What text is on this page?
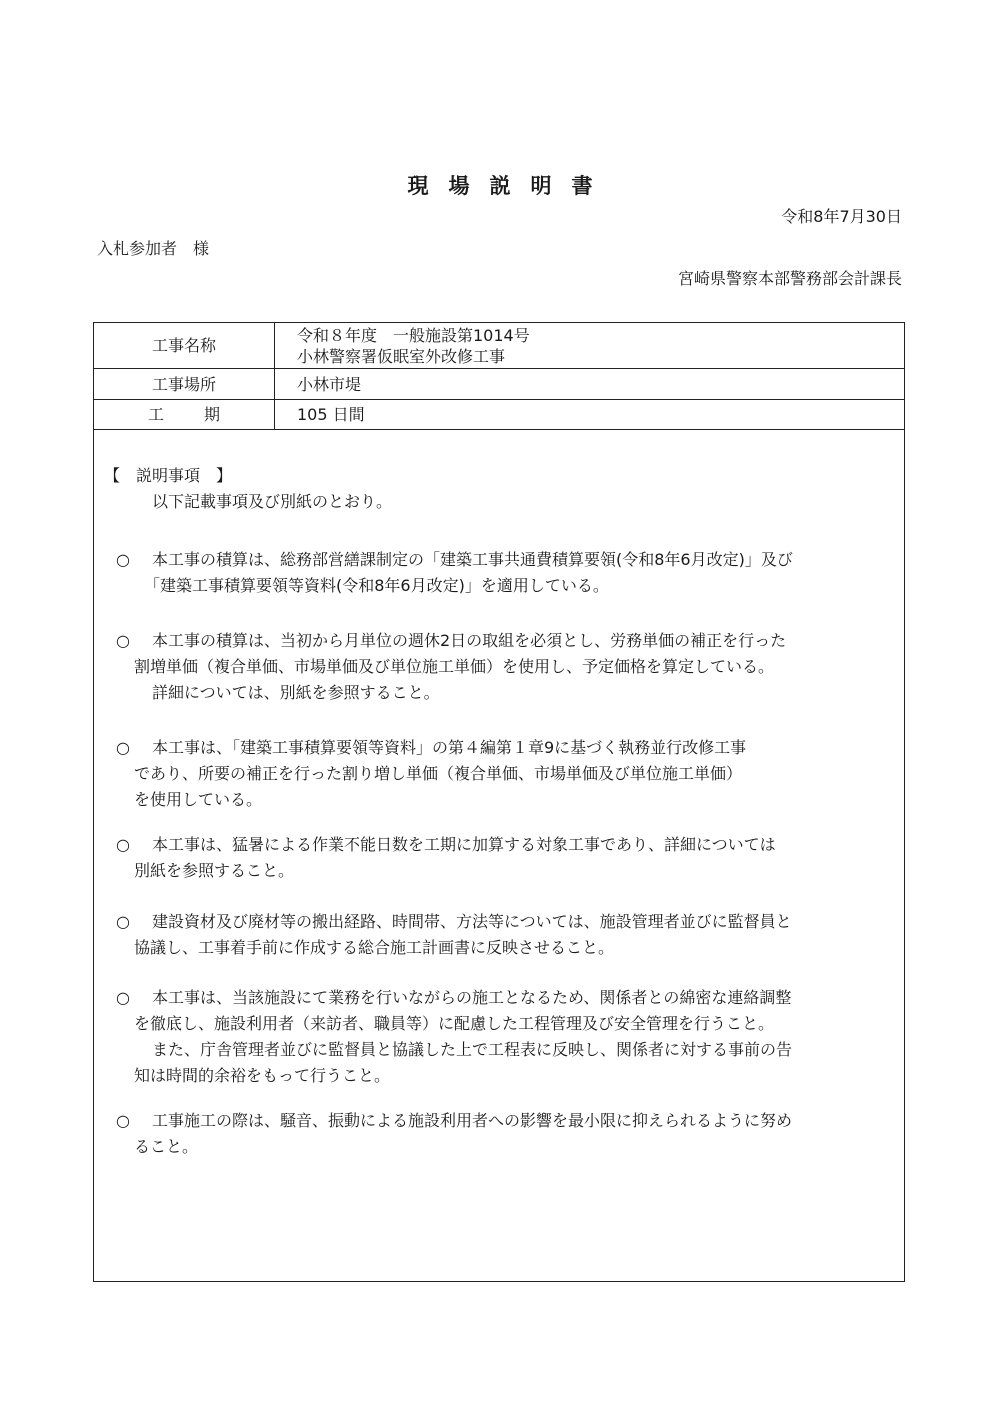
現場説明書
令和8年7月30日
入札参加者　様
宮崎県警察本部警務部会計課長
工事名称	令和８年度　一般施設第1014号
小林警察署仮眠室外改修工事

工事場所	小林市堤
工期	105 日間
【　説明事項　】
以下記載事項及び別紙のとおり。
○	本工事の積算は、総務部営繕課制定の「建築工事共通費積算要領(令和8年6月改定)」及び
「建築工事積算要領等資料(令和8年6月改定)」を適用している。
○	本工事の積算は、当初から月単位の週休2日の取組を必須とし、労務単価の補正を行った
割増単価（複合単価、市場単価及び単位施工単価）を使用し、予定価格を算定している。
詳細については、別紙を参照すること。
○	本工事は、「建築工事積算要領等資料」の第４編第１章9に基づく執務並行改修工事
であり、所要の補正を行った割り増し単価（複合単価、市場単価及び単位施工単価）
を使用している。
○	本工事は、猛暑による作業不能日数を工期に加算する対象工事であり、詳細については
別紙を参照すること。
○	建設資材及び廃材等の搬出経路、時間帯、方法等については、施設管理者並びに監督員と
協議し、工事着手前に作成する総合施工計画書に反映させること。
○	本工事は、当該施設にて業務を行いながらの施工となるため、関係者との綿密な連絡調整
を徹底し、施設利用者（来訪者、職員等）に配慮した工程管理及び安全管理を行うこと。
また、庁舎管理者並びに監督員と協議した上で工程表に反映し、関係者に対する事前の告
知は時間的余裕をもって行うこと。
○	工事施工の際は、騒音、振動による施設利用者への影響を最小限に抑えられるように努め
ること。
